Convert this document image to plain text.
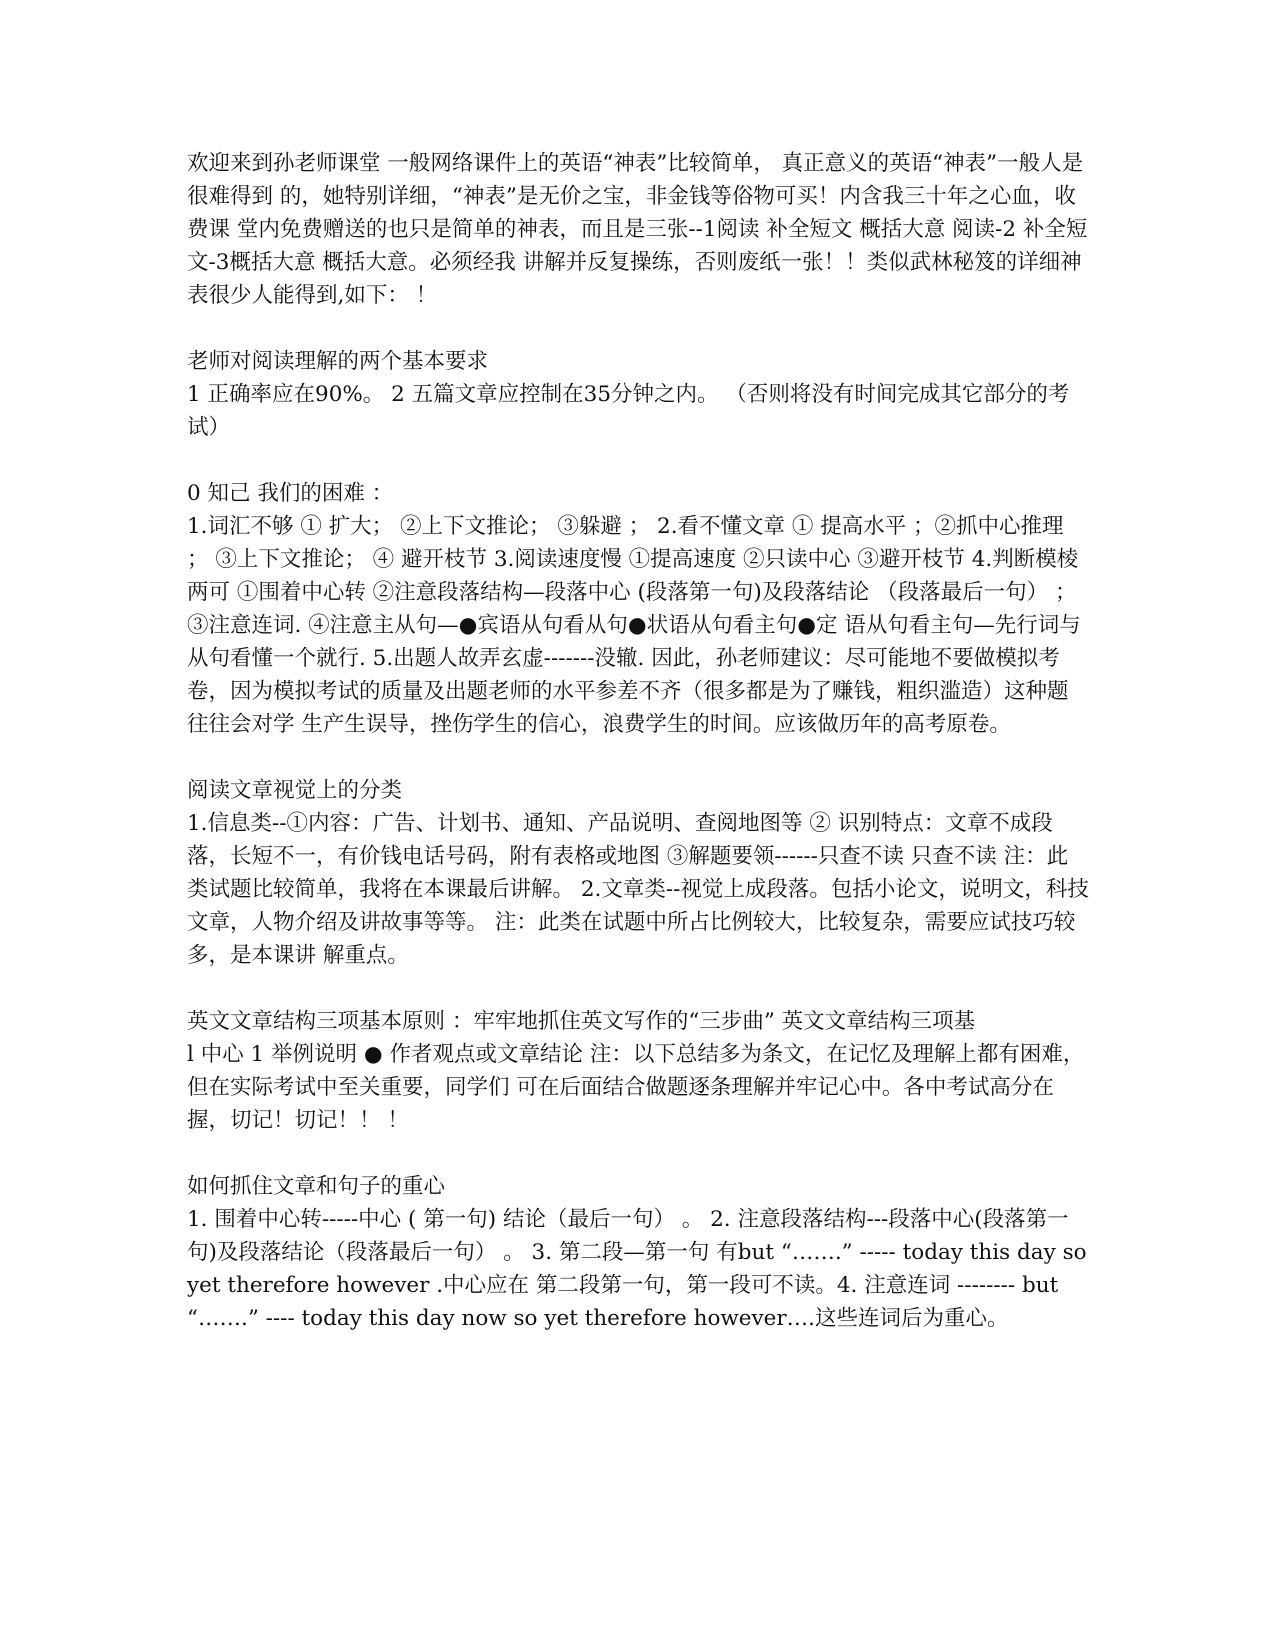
欢迎来到孙老师课堂 一般网络课件上的英语“神表”比较简单， 真正意义的英语“神表”一般人是很难得到 的，她特别详细，“神表”是无价之宝，非金钱等俗物可买！内含我三十年之心血，收费课 堂内免费赠送的也只是简单的神表，而且是三张--1阅读 补全短文 概括大意 阅读-2 补全短文-3概括大意 概括大意。必须经我 讲解并反复操练，否则废纸一张！！类似武林秘笈的详细神表很少人能得到,如下： ！

老师对阅读理解的两个基本要求
1 正确率应在90%。 2 五篇文章应控制在35分钟之内。 （否则将没有时间完成其它部分的考试）
0 知己 我们的困难 ：
1.词汇不够 ① 扩大； ②上下文推论； ③躲避 ； 2.看不懂文章 ① 提高水平 ；②抓中心推理 ； ③上下文推论； ④ 避开枝节 3.阅读速度慢 ①提高速度 ②只读中心 ③避开枝节 4.判断模棱两可 ①围着中心转 ②注意段落结构—段落中心 (段落第一句)及段落结论 （段落最后一句） ；③注意连词. ④注意主从句—●宾语从句看从句●状语从句看主句●定 语从句看主句—先行词与从句看懂一个就行. 5.出题人故弄玄虚-------没辙. 因此，孙老师建议：尽可能地不要做模拟考卷，因为模拟考试的质量及出题老师的水平参差不齐（很多都是为了赚钱，粗织滥造）这种题往往会对学 生产生误导，挫伤学生的信心，浪费学生的时间。应该做历年的高考原卷。
阅读文章视觉上的分类
1.信息类--①内容：广告、计划书、通知、产品说明、查阅地图等 ② 识别特点：文章不成段落，长短不一，有价钱电话号码，附有表格或地图 ③解题要领------只查不读 只查不读 注：此类试题比较简单，我将在本课最后讲解。 2.文章类--视觉上成段落。包括小论文，说明文，科技文章，人物介绍及讲故事等等。 注：此类在试题中所占比例较大，比较复杂，需要应试技巧较多，是本课讲 解重点。
英文文章结构三项基本原则 ：牢牢地抓住英文写作的“三步曲” 英文文章结构三项基
l 中心 1 举例说明 ● 作者观点或文章结论 注：以下总结多为条文，在记忆及理解上都有困难，但在实际考试中至关重要，同学们 可在后面结合做题逐条理解并牢记心中。各中考试高分在握，切记！切记！！ ！
如何抓住文章和句子的重心
1. 围着中心转-----中心 ( 第一句) 结论（最后一句） 。 2. 注意段落结构---段落中心(段落第一句)及段落结论（段落最后一句） 。 3. 第二段—第一句 有but “…….” ----- today this day so yet therefore however .中心应在 第二段第一句，第一段可不读。4. 注意连词 -------- but “…….” ---- today this day now so yet therefore however….这些连词后为重心。
